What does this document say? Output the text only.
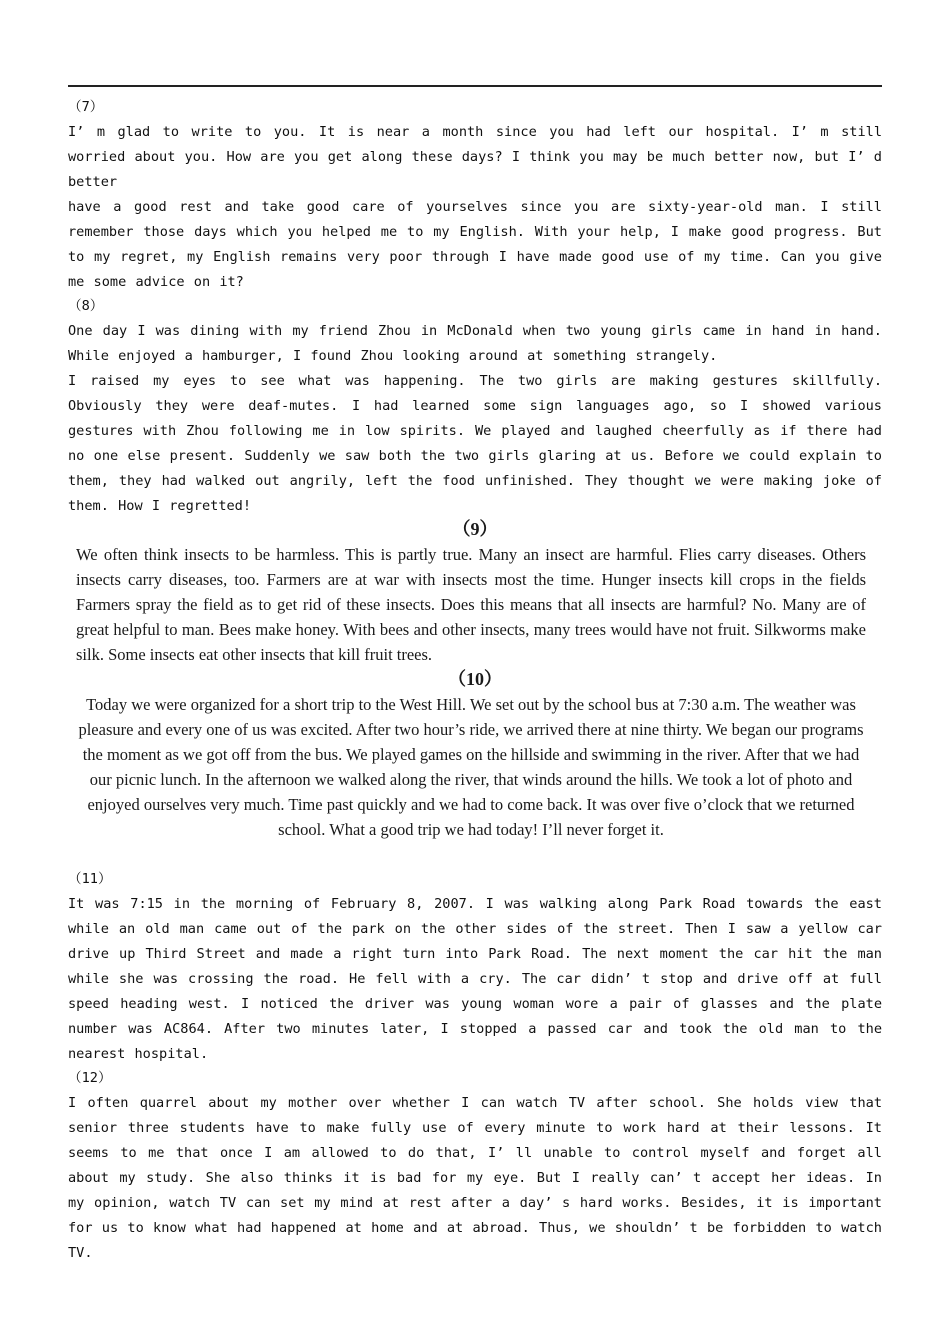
（7）

I’ m glad to write to you. It is near a month since you had left our hospital. I’ m still worried about you. How are you get along these days? I think you may be much better now, but I’ d better

have a good rest and take good care of yourselves since you are sixty-year-old man. I still remember those days which you helped me to my English. With your help, I make good progress. But to my regret, my English remains very poor through I have made good use of my time. Can you give me some advice on it?

（8）

One day I was dining with my friend Zhou in McDonald when two young girls came in hand in hand. While enjoyed a hamburger, I found Zhou looking around at something strangely.

I raised my eyes to see what was happening. The two girls are making gestures skillfully. Obviously they were deaf-mutes. I had learned some sign languages ago, so I showed various gestures with Zhou following me in low spirits. We played and laughed cheerfully as if there had no one else present. Suddenly we saw both the two girls glaring at us. Before we could explain to them, they had walked out angrily, left the food unfinished. They thought we were making joke of them. How I regretted!

（9）

We often think insects to be harmless. This is partly true. Many an insect are harmful. Flies carry diseases. Others insects carry diseases, too. Farmers are at war with insects most the time. Hunger insects kill crops in the fields Farmers spray the field as to get rid of these insects. Does this means that all insects are harmful? No. Many are of great helpful to man. Bees make honey. With bees and other insects, many trees would have not fruit. Silkworms make silk. Some insects eat other insects that kill fruit trees.

（10）

Today we were organized for a short trip to the West Hill. We set out by the school bus at 7:30 a.m. The weather was pleasure and every one of us was excited. After two hour’s ride, we arrived there at nine thirty. We began our programs the moment as we got off from the bus. We played games on the hillside and swimming in the river. After that we had our picnic lunch. In the afternoon we walked along the river, that winds around the hills. We took a lot of photo and enjoyed ourselves very much. Time past quickly and we had to come back. It was over five o’clock that we returned school. What a good trip we had today! I’ll never forget it.

（11）

It was 7:15 in the morning of February 8, 2007. I was walking along Park Road towards the east while an old man came out of the park on the other sides of the street. Then I saw a yellow car drive up Third Street and made a right turn into Park Road. The next moment the car hit the man while she was crossing the road. He fell with a cry. The car didn’ t stop and drive off at full speed heading west. I noticed the driver was young woman wore a pair of glasses and the plate number was AC864. After two minutes later, I stopped a passed car and took the old man to the nearest hospital.

（12）

I often quarrel about my mother over whether I can watch TV after school. She holds view that senior three students have to make fully use of every minute to work hard at their lessons. It seems to me that once I am allowed to do that, I’ ll unable to control myself and forget all about my study. She also thinks it is bad for my eye. But I really can’ t accept her ideas. In my opinion, watch TV can set my mind at rest after a day’ s hard works. Besides, it is important for us to know what had happened at home and at abroad. Thus, we shouldn’ t be forbidden to watch TV.
